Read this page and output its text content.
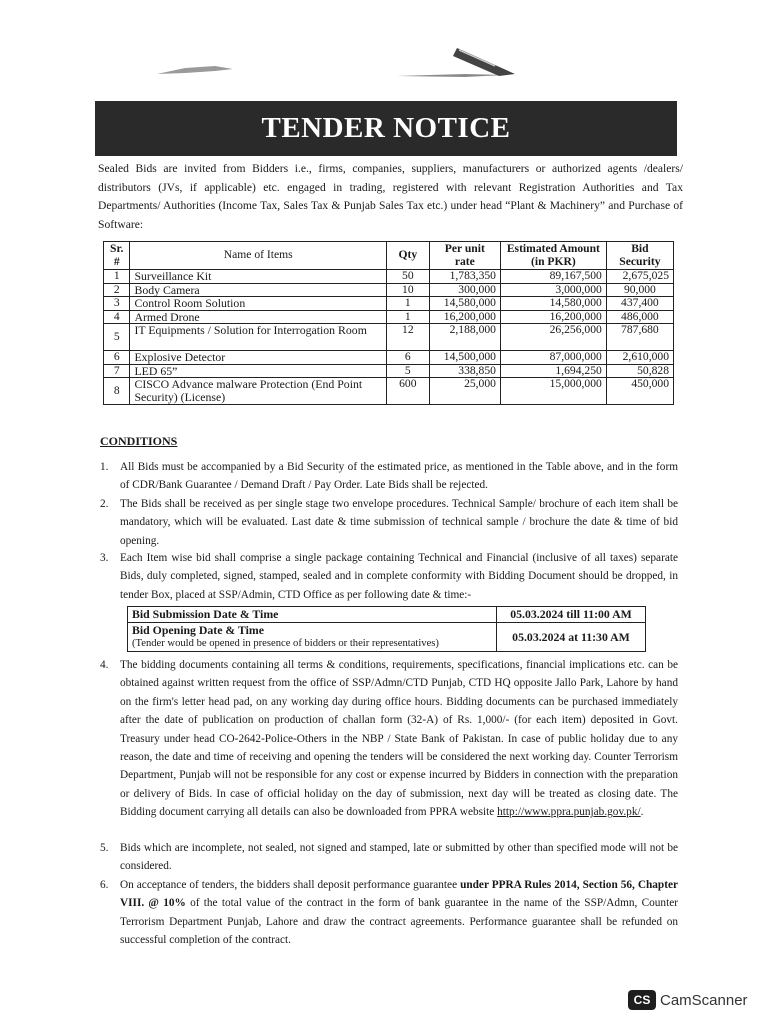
TENDER NOTICE
Sealed Bids are invited from Bidders i.e., firms, companies, suppliers, manufacturers or authorized agents /dealers/ distributors (JVs, if applicable) etc. engaged in trading, registered with relevant Registration Authorities and Tax Departments/ Authorities (Income Tax, Sales Tax & Punjab Sales Tax etc.) under head “Plant & Machinery” and Purchase of Software:
Sr. #	Name of Items	Qty	Per unit rate	Estimated Amount (in PKR)	Bid Security
1	Surveillance Kit	50	1,783,350	89,167,500	2,675,025
2	Body Camera	10	300,000	3,000,000	90,000
3	Control Room Solution	1	14,580,000	14,580,000	437,400
4	Armed Drone	1	16,200,000	16,200,000	486,000
5	IT Equipments / Solution for Interrogation Room	12	2,188,000	26,256,000	787,680
6	Explosive Detector	6	14,500,000	87,000,000	2,610,000
7	LED 65”	5	338,850	1,694,250	50,828
8	CISCO Advance malware Protection (End Point Security) (License)	600	25,000	15,000,000	450,000
CONDITIONS
1.	All Bids must be accompanied by a Bid Security of the estimated price, as mentioned in the Table above, and in the form of CDR/Bank Guarantee / Demand Draft / Pay Order. Late Bids shall be rejected.
2.	The Bids shall be received as per single stage two envelope procedures. Technical Sample/ brochure of each item shall be mandatory, which will be evaluated. Last date & time submission of technical sample / brochure the date & time of bid opening.
3.	Each Item wise bid shall comprise a single package containing Technical and Financial (inclusive of all taxes) separate Bids, duly completed, signed, stamped, sealed and in complete conformity with Bidding Document should be dropped, in tender Box, placed at SSP/Admin, CTD Office as per following date & time:-
Bid Submission Date & Time	05.03.2024 till 11:00 AM
Bid Opening Date & Time
(Tender would be opened in presence of bidders or their representatives)	05.03.2024 at 11:30 AM
4.	The bidding documents containing all terms & conditions, requirements, specifications, financial implications etc. can be obtained against written request from the office of SSP/Admn/CTD Punjab, CTD HQ opposite Jallo Park, Lahore by hand on the firm's letter head pad, on any working day during office hours. Bidding documents can be purchased immediately after the date of publication on production of challan form (32-A) of Rs. 1,000/- (for each item) deposited in Govt. Treasury under head CO-2642-Police-Others in the NBP / State Bank of Pakistan. In case of public holiday due to any reason, the date and time of receiving and opening the tenders will be considered the next working day. Counter Terrorism Department, Punjab will not be responsible for any cost or expense incurred by Bidders in connection with the preparation or delivery of Bids. In case of official holiday on the day of submission, next day will be treated as closing date. The Bidding document carrying all details can also be downloaded from PPRA website http://www.ppra.punjab.gov.pk/.
5.	Bids which are incomplete, not sealed, not signed and stamped, late or submitted by other than specified mode will not be considered.
6.	On acceptance of tenders, the bidders shall deposit performance guarantee under PPRA Rules 2014, Section 56, Chapter VIII. @ 10% of the total value of the contract in the form of bank guarantee in the name of the SSP/Admn, Counter Terrorism Department Punjab, Lahore and draw the contract agreements. Performance guarantee shall be refunded on successful completion of the contract.
CS CamScanner
